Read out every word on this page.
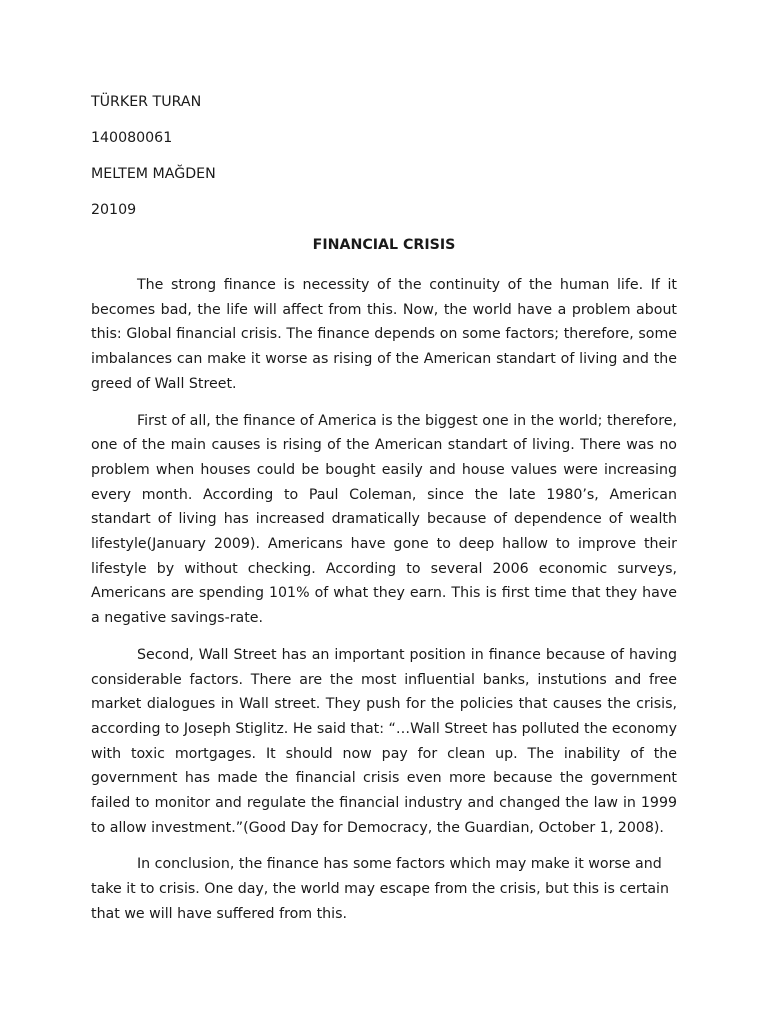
TÜRKER TURAN

140080061

MELTEM MAĞDEN

20109

FINANCIAL CRISIS

The strong finance is necessity of the continuity of the human life. If it becomes bad, the life will affect from this. Now, the world have a problem about this: Global financial crisis. The finance depends on some factors; therefore, some imbalances can make it worse as rising of the American standart of living and the greed of Wall Street.

First of all, the finance of America is the biggest one in the world; therefore, one of the main causes is rising of the American standart of living. There was no problem when houses could be bought easily and house values were increasing every month. According to Paul Coleman, since the late 1980’s, American standart of living has increased dramatically because of dependence of wealth lifestyle(January 2009). Americans have gone to deep hallow to improve their lifestyle by without checking. According to several 2006 economic surveys, Americans are spending 101% of what they earn. This is first time that they have a negative savings-rate.

Second, Wall Street has an important position in finance because of having considerable factors. There are the most influential banks, instutions and free market dialogues in Wall street. They push for the policies that causes the crisis, according to Joseph Stiglitz. He said that: “…Wall Street has polluted the economy with toxic mortgages. It should now pay for clean up. The inability of the government has made the financial crisis even more because the government failed to monitor and regulate the financial industry and changed the law in 1999 to allow investment.”(Good Day for Democracy, the Guardian, October 1, 2008).

In conclusion, the finance has some factors which may make it worse and take it to crisis. One day, the world may escape from the crisis, but this is certain that we will have suffered from this.
